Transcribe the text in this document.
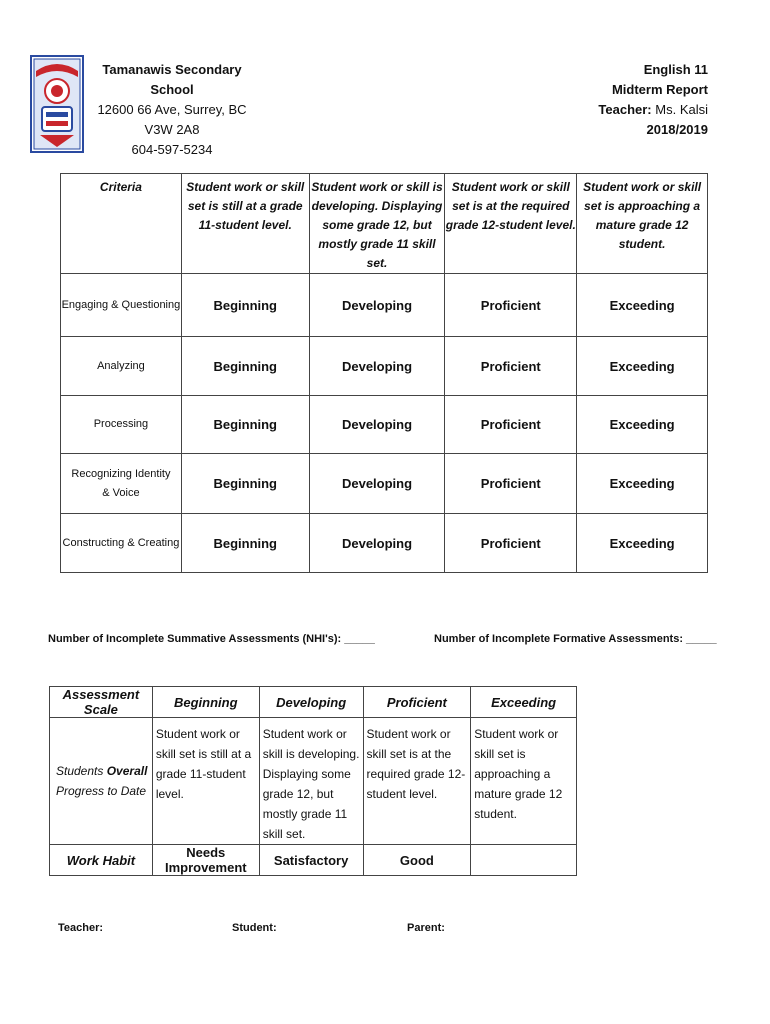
Tamanawis Secondary School
12600 66 Ave, Surrey, BC V3W 2A8
604-597-5234
English 11
Midterm Report
Teacher: Ms. Kalsi
2018/2019
Criteria	Student work or skill set is still at a grade 11-student level.	Student work or skill is developing. Displaying some grade 12, but mostly grade 11 skill set.	Student work or skill set is at the required grade 12-student level.	Student work or skill set is approaching a mature grade 12 student.
Engaging & Questioning	Beginning	Developing	Proficient	Exceeding
Analyzing	Beginning	Developing	Proficient	Exceeding
Processing	Beginning	Developing	Proficient	Exceeding
Recognizing Identity & Voice	Beginning	Developing	Proficient	Exceeding
Constructing & Creating	Beginning	Developing	Proficient	Exceeding
Number of Incomplete Summative Assessments (NHI's): _____	Number of Incomplete Formative Assessments: _____
Assessment Scale	Beginning	Developing	Proficient	Exceeding
Students Overall
Progress to Date	Student work or skill set is still at a grade 11-student level.	Student work or skill is developing. Displaying some grade 12, but mostly grade 11 skill set.	Student work or skill set is at the required grade 12-student level.	Student work or skill set is approaching a mature grade 12 student.
Work Habit	Needs Improvement	Satisfactory	Good	
Teacher:	Student:	Parent:
